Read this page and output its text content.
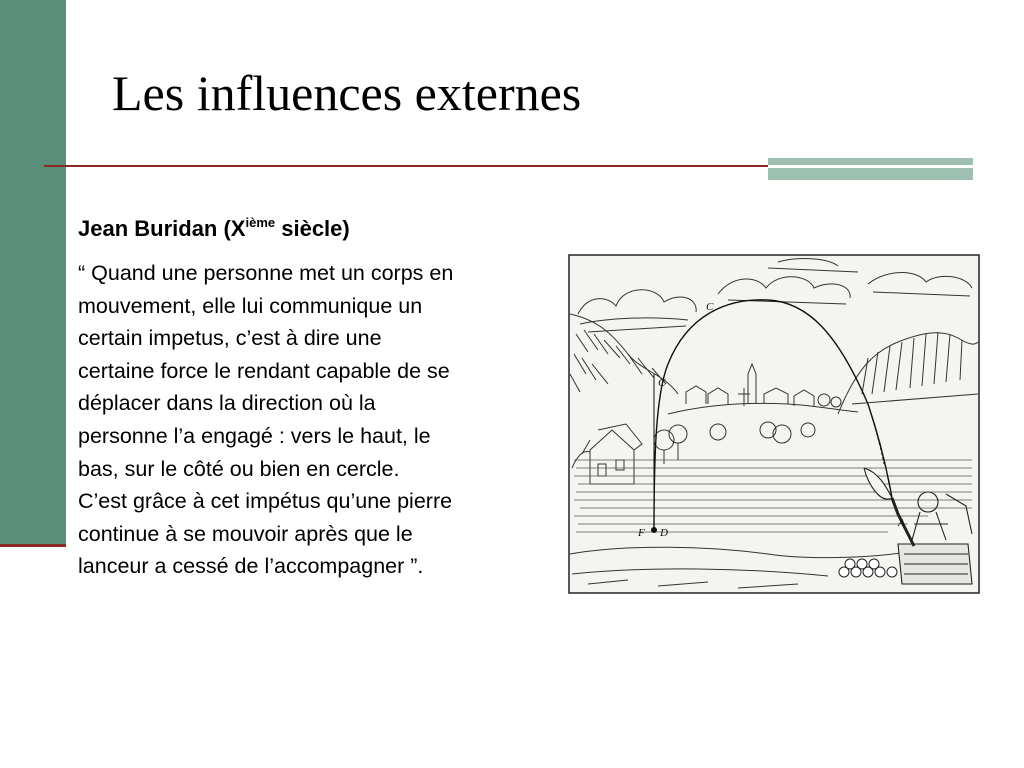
Les influences externes
Jean Buridan (Xième siècle)

“ Quand une personne met un corps en

mouvement, elle lui communique un

certain impetus, c’est à dire une

certaine force le rendant capable de se

déplacer dans la direction où la

personne l’a engagé : vers le haut, le

bas, sur le côté ou bien en cercle.

C’est grâce à cet impétus qu’une pierre

continue à se mouvoir après que le

lanceur a cessé de l’accompagner ”.

C
C
F D
A
